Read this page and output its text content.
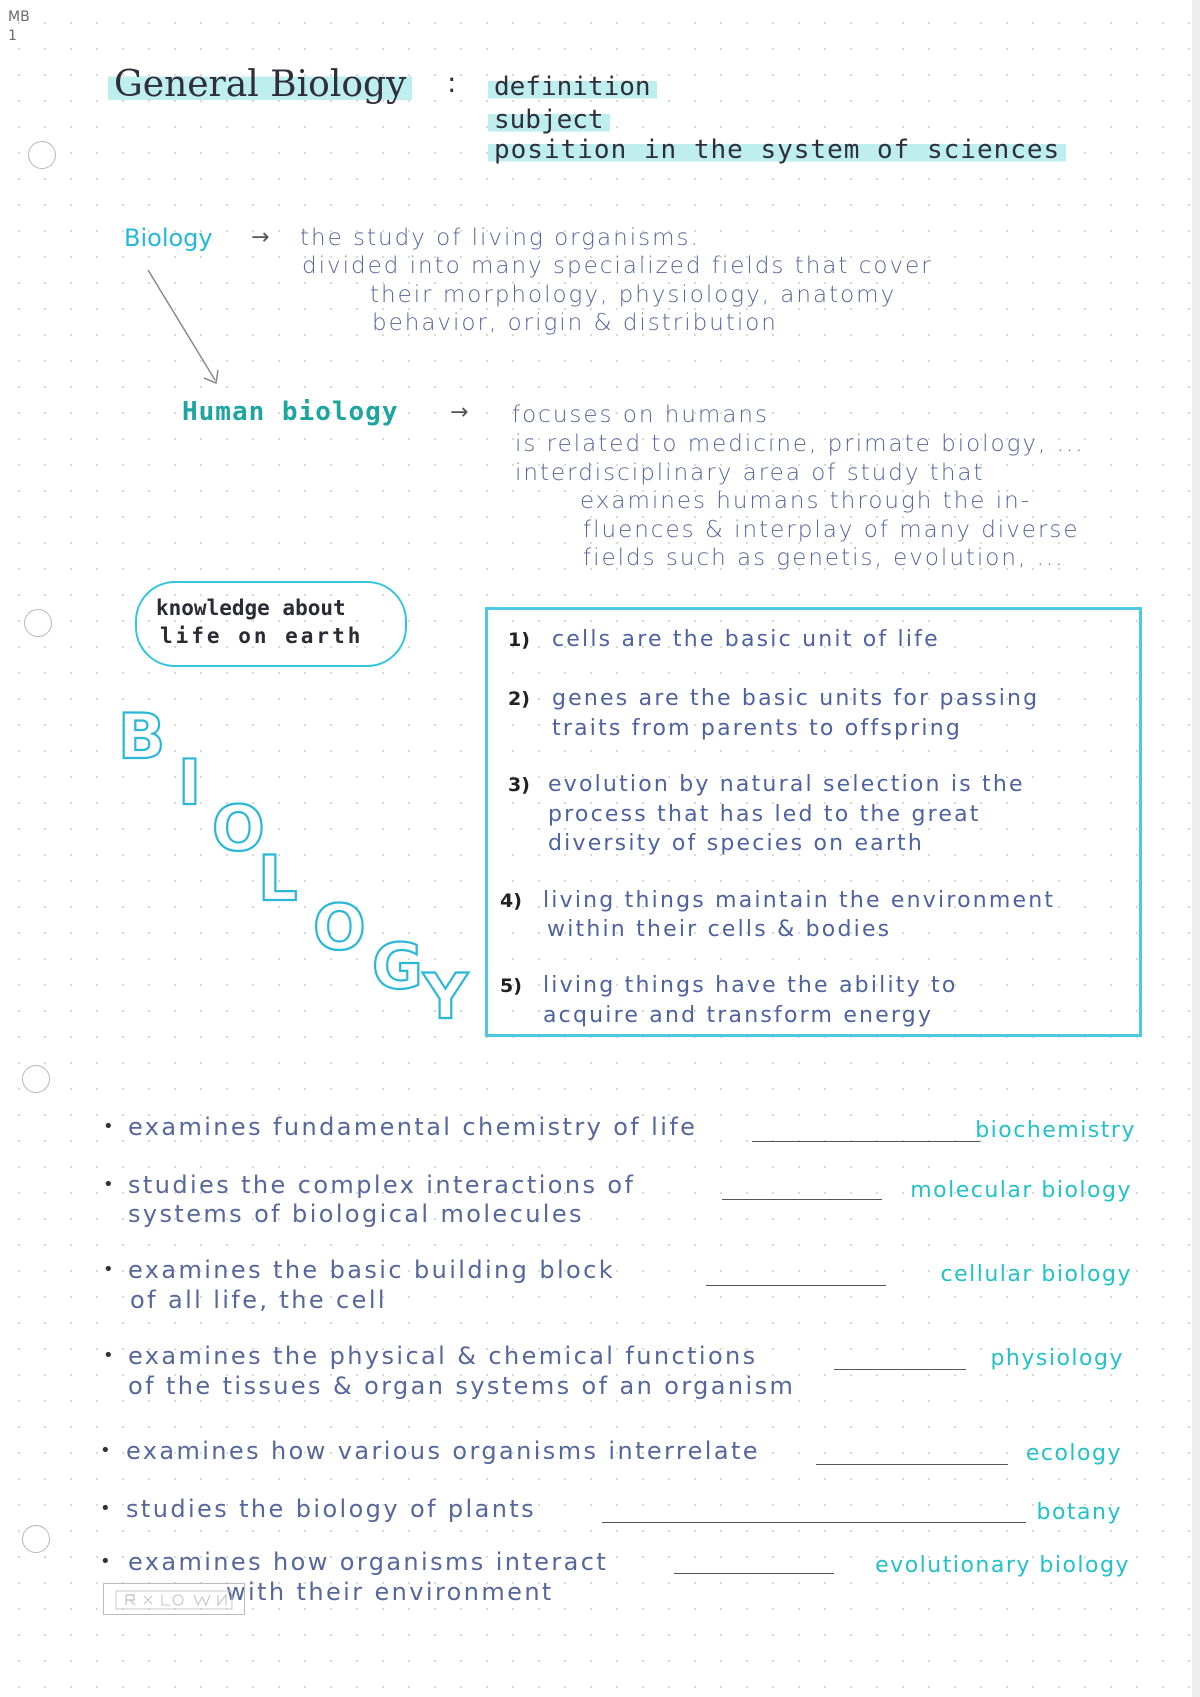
MB
1
General Biology : definition
subject
position in the system of sciences
Biology → the study of living organisms.
divided into many specialized fields that cover
their morphology, physiology, anatomy
behavior, origin & distribution
Human biology → focuses on humans
is related to medicine, primate biology, ...
interdisciplinary area of study that
examines humans through the in-
fluences & interplay of many diverse
fields such as genetis, evolution, ...
knowledge about
life on earth
B
I
O
L
O
G Y
1) cells are the basic unit of life
2) genes are the basic units for passing
traits from parents to offspring
3) evolution by natural selection is the
process that has led to the great
diversity of species on earth
4) living things maintain the environment
within their cells & bodies
5) living things have the ability to
acquire and transform energy
• examines fundamental chemistry of life	biochemistry
• studies the complex interactions of
systems of biological molecules
molecular biology
• examines the basic building block
of all life, the cell
cellular biology
• examines the physical & chemical functions
of the tissues & organ systems of an organism
physiology
• examines how various organisms interrelate	ecology
• studies the biology of plants	botany
• examines how organisms interact
with their environment
evolutionary biology
